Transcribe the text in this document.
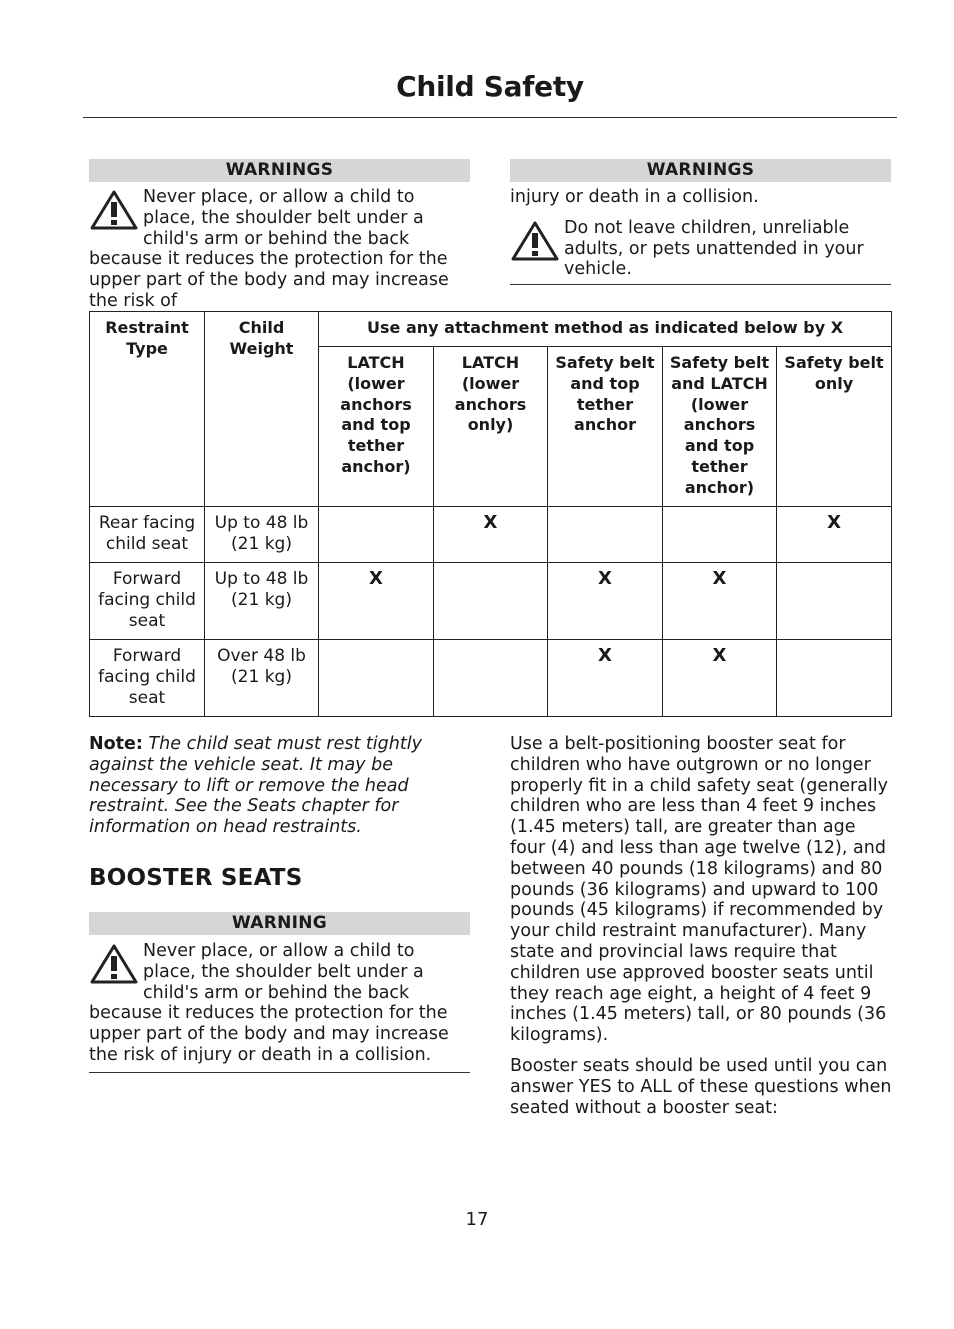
Child Safety
WARNINGS
Never place, or allow a child to place, the shoulder belt under a child's arm or behind the back because it reduces the protection for the upper part of the body and may increase the risk of
WARNINGS
injury or death in a collision.
Do not leave children, unreliable adults, or pets unattended in your vehicle.
Restraint Type	Child Weight	Use any attachment method as indicated below by X				
		LATCH (lower anchors and top tether anchor)	LATCH (lower anchors only)	Safety belt and top tether anchor	Safety belt and LATCH (lower anchors and top tether anchor)	Safety belt only
Rear facing child seat	Up to 48 lb (21 kg)		X			X
Forward facing child seat	Up to 48 lb (21 kg)	X		X	X	
Forward facing child seat	Over 48 lb (21 kg)			X	X	
Note: The child seat must rest tightly against the vehicle seat. It may be necessary to lift or remove the head restraint. See the Seats chapter for information on head restraints.
BOOSTER SEATS
WARNING
Never place, or allow a child to place, the shoulder belt under a child's arm or behind the back because it reduces the protection for the upper part of the body and may increase the risk of injury or death in a collision.

Use a belt-positioning booster seat for children who have outgrown or no longer properly fit in a child safety seat (generally children who are less than 4 feet 9 inches (1.45 meters) tall, are greater than age four (4) and less than age twelve (12), and between 40 pounds (18 kilograms) and 80 pounds (36 kilograms) and upward to 100 pounds (45 kilograms) if recommended by your child restraint manufacturer). Many state and provincial laws require that children use approved booster seats until they reach age eight, a height of 4 feet 9 inches (1.45 meters) tall, or 80 pounds (36 kilograms).

Booster seats should be used until you can answer YES to ALL of these questions when seated without a booster seat:

17
